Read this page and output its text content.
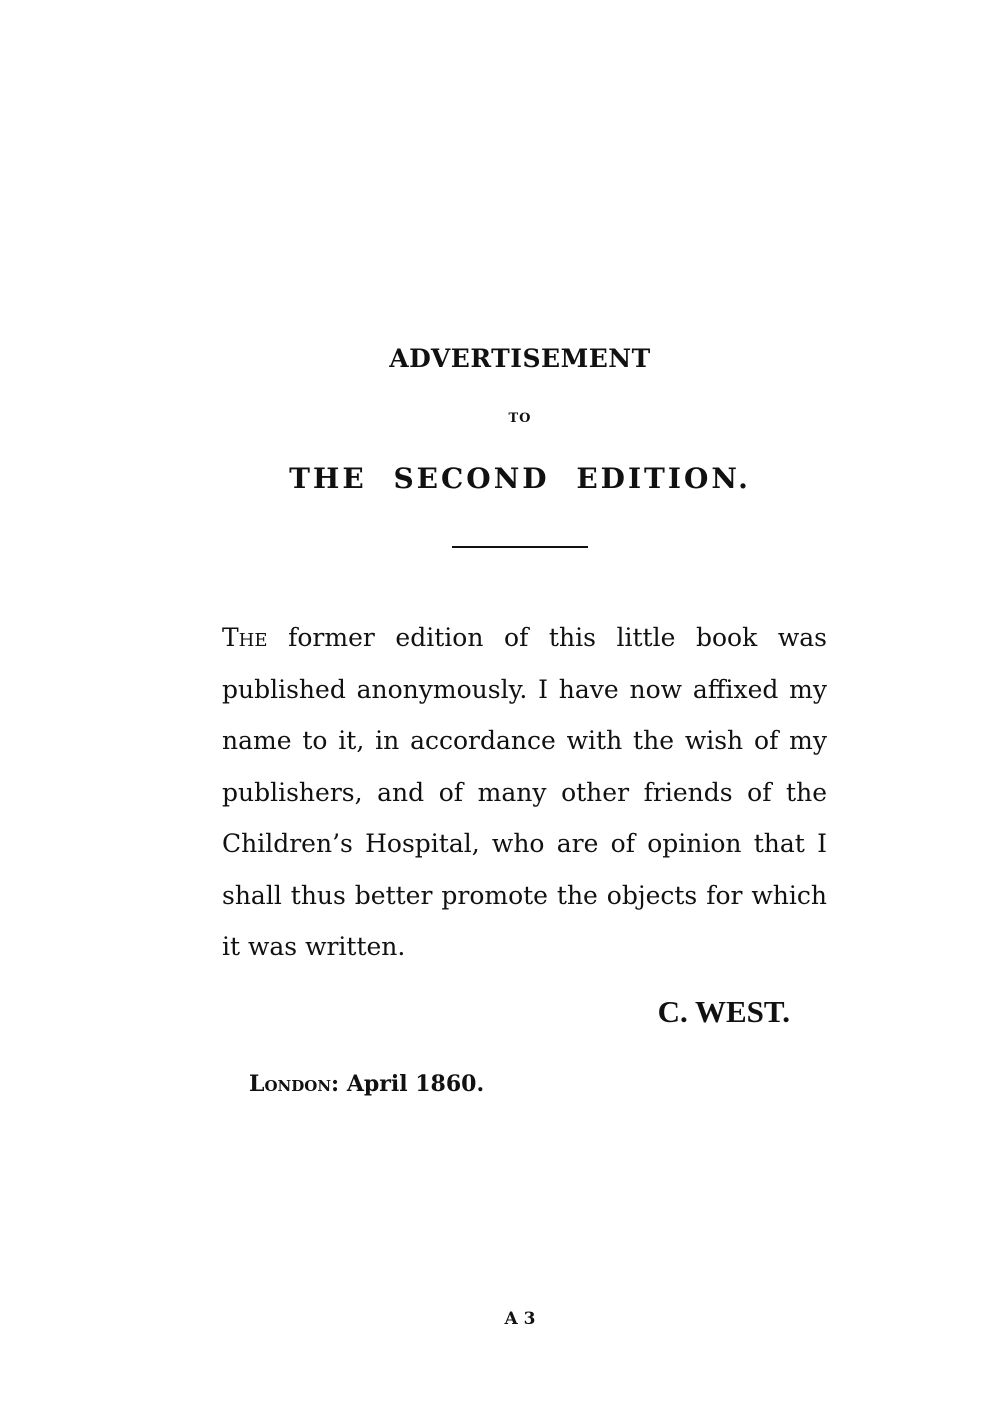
ADVERTISEMENT
TO
THE SECOND EDITION.

The former edition of this little book was published anonymously. I have now affixed my name to it, in accordance with the wish of my publishers, and of many other friends of the Children’s Hospital, who are of opinion that I shall thus better promote the objects for which it was written.

C. WEST.
London: April 1860.
A 3
